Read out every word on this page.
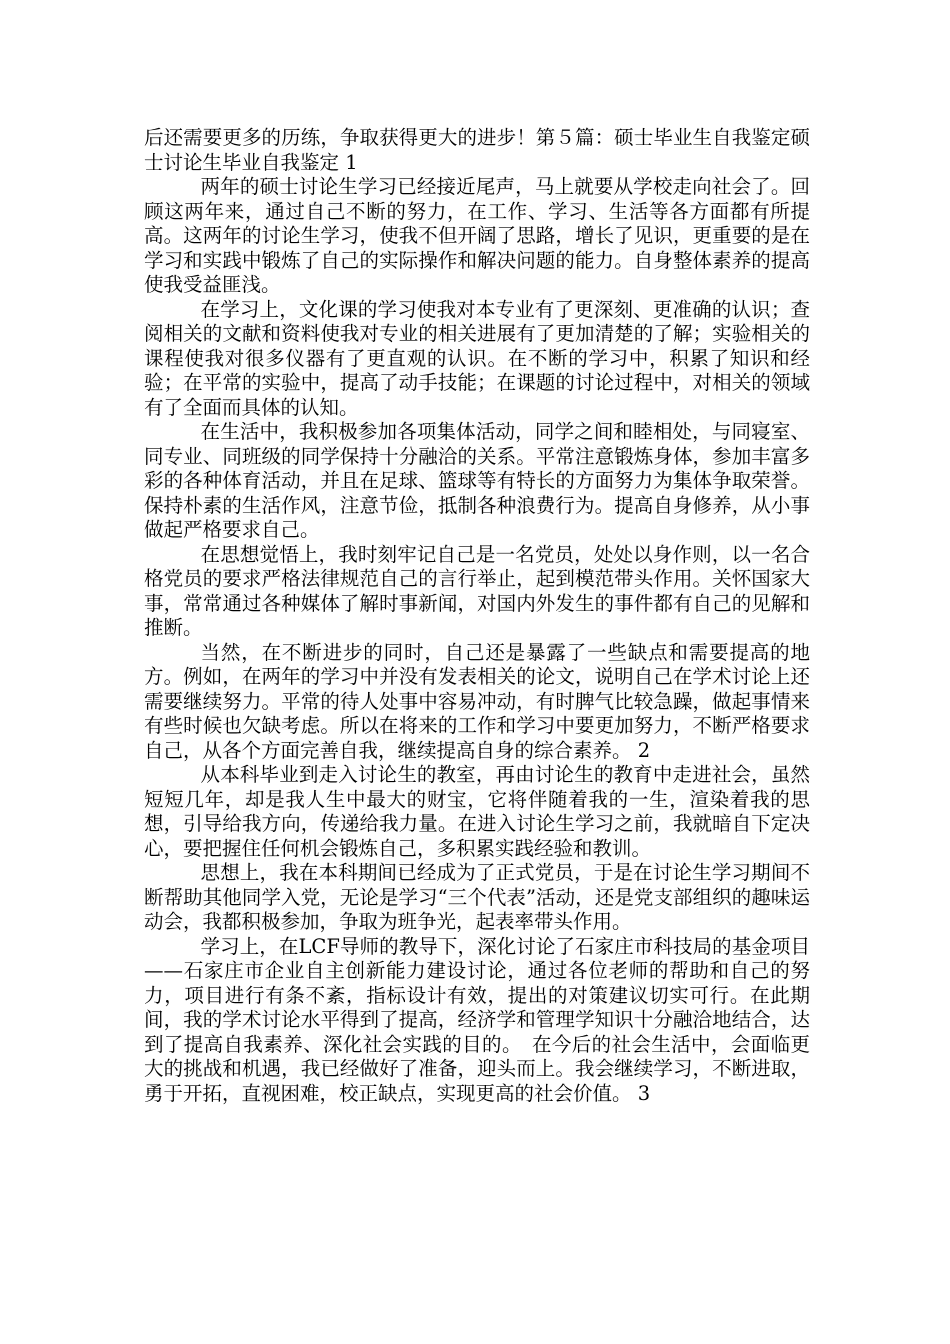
后还需要更多的历练，争取获得更大的进步！第５篇：硕士毕业生自我鉴定硕士讨论生毕业自我鉴定 1

两年的硕士讨论生学习已经接近尾声，马上就要从学校走向社会了。回顾这两年来，通过自己不断的努力，在工作、学习、生活等各方面都有所提高。这两年的讨论生学习，使我不但开阔了思路，增长了见识，更重要的是在学习和实践中锻炼了自己的实际操作和解决问题的能力。自身整体素养的提高使我受益匪浅。

在学习上，文化课的学习使我对本专业有了更深刻、更准确的认识；查阅相关的文献和资料使我对专业的相关进展有了更加清楚的了解；实验相关的课程使我对很多仪器有了更直观的认识。在不断的学习中，积累了知识和经验；在平常的实验中，提高了动手技能；在课题的讨论过程中，对相关的领域有了全面而具体的认知。

在生活中，我积极参加各项集体活动，同学之间和睦相处，与同寝室、同专业、同班级的同学保持十分融洽的关系。平常注意锻炼身体，参加丰富多彩的各种体育活动，并且在足球、篮球等有特长的方面努力为集体争取荣誉。保持朴素的生活作风，注意节俭，抵制各种浪费行为。提高自身修养，从小事做起严格要求自己。

在思想觉悟上，我时刻牢记自己是一名党员，处处以身作则，以一名合格党员的要求严格法律规范自己的言行举止，起到模范带头作用。关怀国家大事，常常通过各种媒体了解时事新闻，对国内外发生的事件都有自己的见解和推断。

当然，在不断进步的同时，自己还是暴露了一些缺点和需要提高的地方。例如，在两年的学习中并没有发表相关的论文，说明自己在学术讨论上还需要继续努力。平常的待人处事中容易冲动，有时脾气比较急躁，做起事情来有些时候也欠缺考虑。所以在将来的工作和学习中要更加努力，不断严格要求自己，从各个方面完善自我，继续提高自身的综合素养。 2

从本科毕业到走入讨论生的教室，再由讨论生的教育中走进社会，虽然短短几年，却是我人生中最大的财宝，它将伴随着我的一生，渲染着我的思想，引导给我方向，传递给我力量。在进入讨论生学习之前，我就暗自下定决心，要把握住任何机会锻炼自己，多积累实践经验和教训。

思想上，我在本科期间已经成为了正式党员，于是在讨论生学习期间不断帮助其他同学入党，无论是学习“三个代表”活动，还是党支部组织的趣味运动会，我都积极参加，争取为班争光，起表率带头作用。

学习上，在LCF导师的教导下，深化讨论了石家庄市科技局的基金项目——石家庄市企业自主创新能力建设讨论，通过各位老师的帮助和自己的努力，项目进行有条不紊，指标设计有效，提出的对策建议切实可行。在此期间，我的学术讨论水平得到了提高，经济学和管理学知识十分融洽地结合，达到了提高自我素养、深化社会实践的目的。　在今后的社会生活中，会面临更大的挑战和机遇，我已经做好了准备，迎头而上。我会继续学习，不断进取，勇于开拓，直视困难，校正缺点，实现更高的社会价值。 3
